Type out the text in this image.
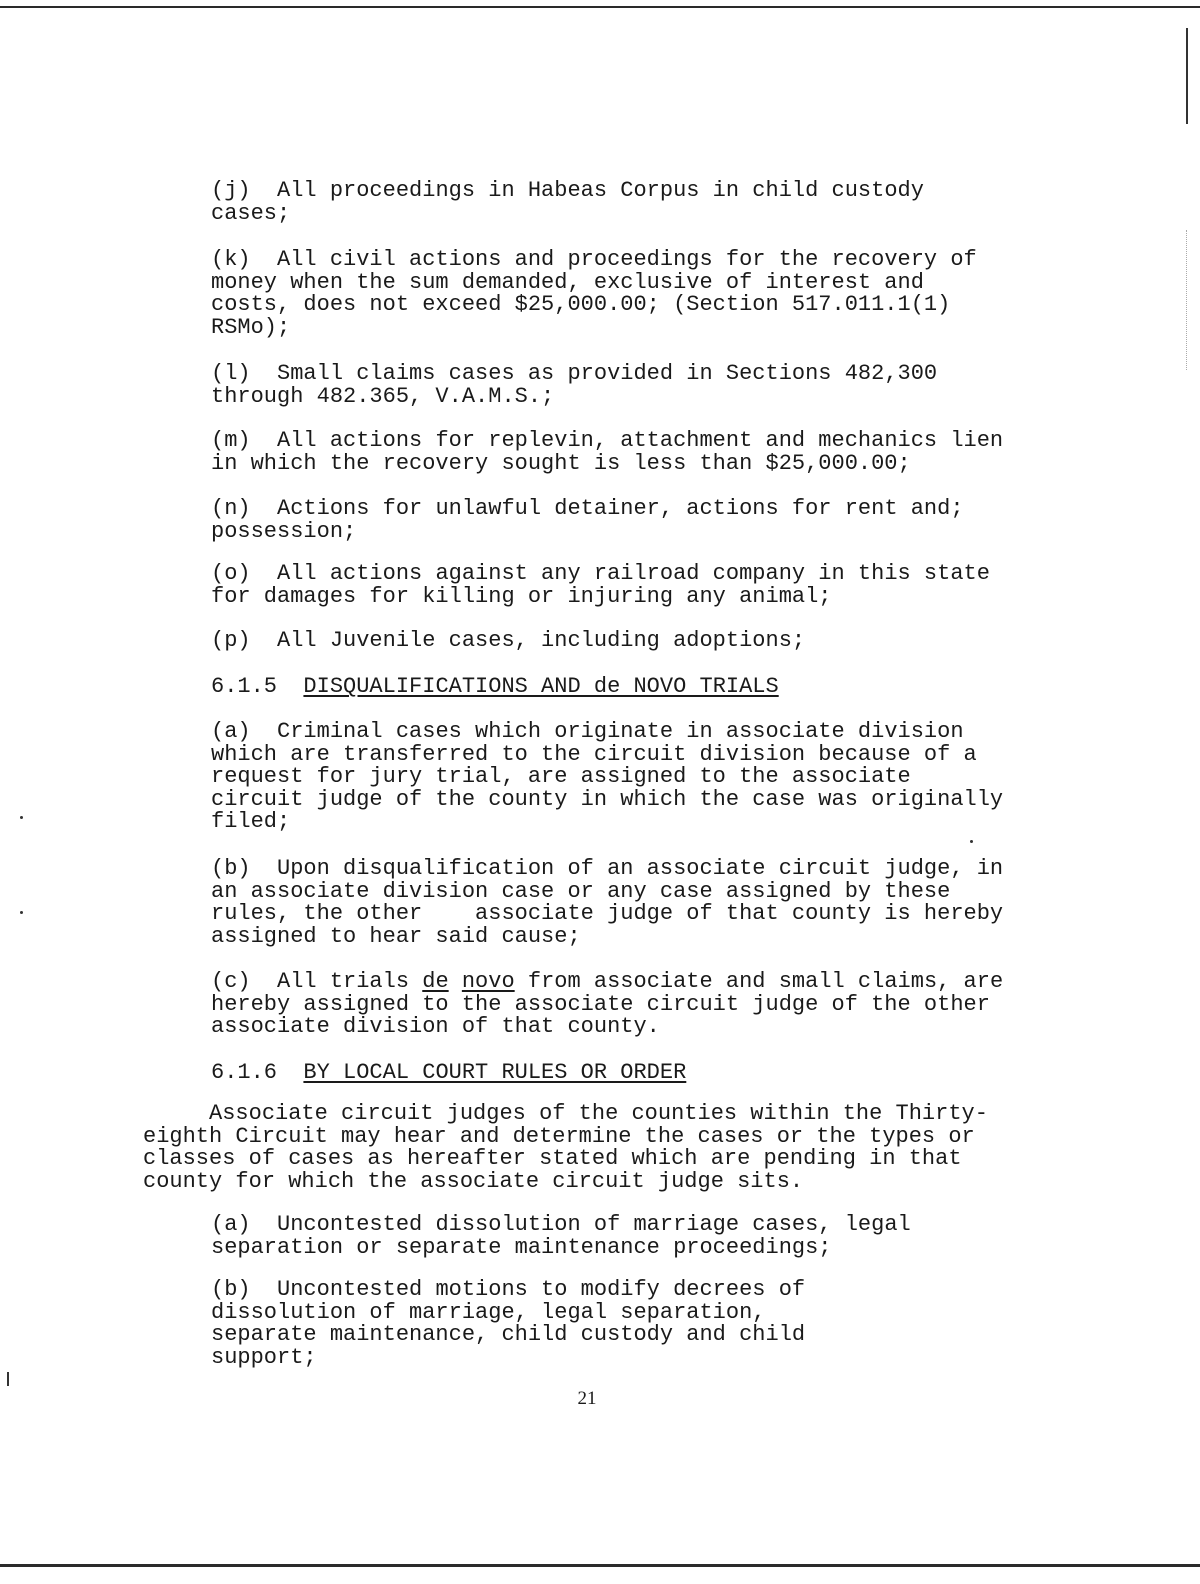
(j) All proceedings in Habeas Corpus in child custody
cases;
(k) All civil actions and proceedings for the recovery of
money when the sum demanded, exclusive of interest and
costs, does not exceed $25,000.00; (Section 517.011.1(1)
RSMo);
(l) Small claims cases as provided in Sections 482,300
through 482.365, V.A.M.S.;
(m) All actions for replevin, attachment and mechanics lien
in which the recovery sought is less than $25,000.00;
(n) Actions for unlawful detainer, actions for rent and;
possession;
(o) All actions against any railroad company in this state
for damages for killing or injuring any animal;
(p) All Juvenile cases, including adoptions;
6.1.5 DISQUALIFICATIONS AND de NOVO TRIALS
(a) Criminal cases which originate in associate division
which are transferred to the circuit division because of a
request for jury trial, are assigned to the associate
circuit judge of the county in which the case was originally
filed;
(b) Upon disqualification of an associate circuit judge, in
an associate division case or any case assigned by these
rules, the other    associate judge of that county is hereby
assigned to hear said cause;
(c) All trials de novo from associate and small claims, are
hereby assigned to the associate circuit judge of the other
associate division of that county.
6.1.6 BY LOCAL COURT RULES OR ORDER
Associate circuit judges of the counties within the Thirty-
eighth Circuit may hear and determine the cases or the types or
classes of cases as hereafter stated which are pending in that
county for which the associate circuit judge sits.
(a) Uncontested dissolution of marriage cases, legal
separation or separate maintenance proceedings;
(b) Uncontested motions to modify decrees of
dissolution of marriage, legal separation,
separate maintenance, child custody and child
support;
21
